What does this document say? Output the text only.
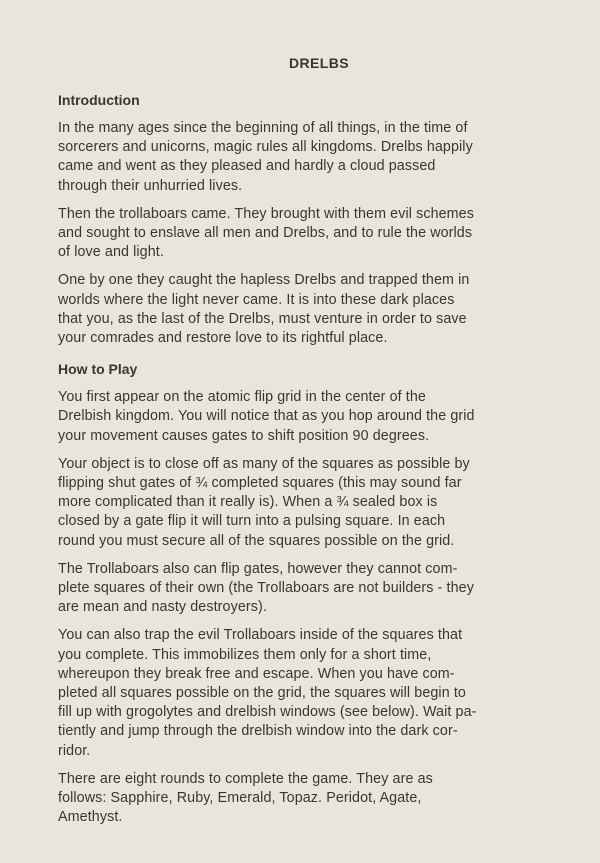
DRELBS
Introduction
In the many ages since the beginning of all things, in the time of
sorcerers and unicorns, magic rules all kingdoms. Drelbs happily
came and went as they pleased and hardly a cloud passed
through their unhurried lives.
Then the trollaboars came. They brought with them evil schemes
and sought to enslave all men and Drelbs, and to rule the worlds
of love and light.
One by one they caught the hapless Drelbs and trapped them in
worlds where the light never came. It is into these dark places
that you, as the last of the Drelbs, must venture in order to save
your comrades and restore love to its rightful place.
How to Play
You first appear on the atomic flip grid in the center of the
Drelbish kingdom. You will notice that as you hop around the grid
your movement causes gates to shift position 90 degrees.
Your object is to close off as many of the squares as possible by
flipping shut gates of ¾ completed squares (this may sound far
more complicated than it really is). When a ¾ sealed box is
closed by a gate flip it will turn into a pulsing square. In each
round you must secure all of the squares possible on the grid.
The Trollaboars also can flip gates, however they cannot com-
plete squares of their own (the Trollaboars are not builders - they
are mean and nasty destroyers).
You can also trap the evil Trollaboars inside of the squares that
you complete. This immobilizes them only for a short time,
whereupon they break free and escape. When you have com-
pleted all squares possible on the grid, the squares will begin to
fill up with grogolytes and drelbish windows (see below). Wait pa-
tiently and jump through the drelbish window into the dark cor-
ridor.
There are eight rounds to complete the game. They are as
follows: Sapphire, Ruby, Emerald, Topaz. Peridot, Agate,
Amethyst.
